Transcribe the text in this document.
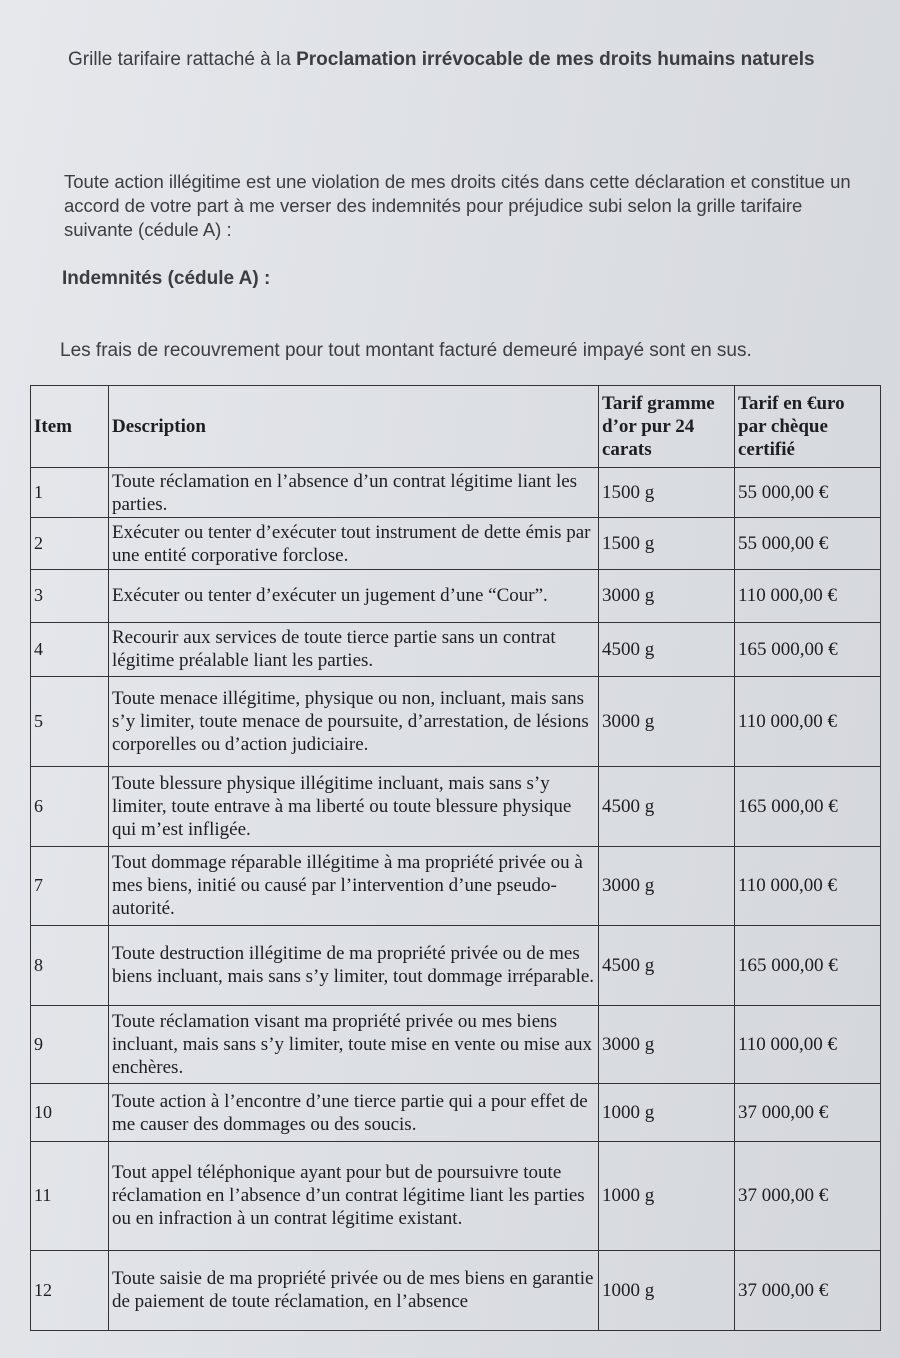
Grille tarifaire rattaché à la Proclamation irrévocable de mes droits humains naturels
Toute action illégitime est une violation de mes droits cités dans cette déclaration et constitue un accord de votre part à me verser des indemnités pour préjudice subi selon la grille tarifaire suivante (cédule A) :
Indemnités (cédule A) :
Les frais de recouvrement pour tout montant facturé demeuré impayé sont en sus.
Item	Description	Tarif gramme d’or pur 24 carats	Tarif en €uro par chèque certifié
1	Toute réclamation en l’absence d’un contrat légitime liant les parties.	1500 g	55 000,00 €
2	Exécuter ou tenter d’exécuter tout instrument de dette émis par une entité corporative forclose.	1500 g	55 000,00 €
3	Exécuter ou tenter d’exécuter un jugement d’une “Cour”.	3000 g	110 000,00 €
4	Recourir aux services de toute tierce partie sans un contrat légitime préalable liant les parties.	4500 g	165 000,00 €
5	Toute menace illégitime, physique ou non, incluant, mais sans s’y limiter, toute menace de poursuite, d’arrestation, de lésions corporelles ou d’action judiciaire.	3000 g	110 000,00 €
6	Toute blessure physique illégitime incluant, mais sans s’y limiter, toute entrave à ma liberté ou toute blessure physique qui m’est infligée.	4500 g	165 000,00 €
7	Tout dommage réparable illégitime à ma propriété privée ou à mes biens, initié ou causé par l’intervention d’une pseudo-autorité.	3000 g	110 000,00 €
8	Toute destruction illégitime de ma propriété privée ou de mes biens incluant, mais sans s’y limiter, tout dommage irréparable.	4500 g	165 000,00 €
9	Toute réclamation visant ma propriété privée ou mes biens incluant, mais sans s’y limiter, toute mise en vente ou mise aux enchères.	3000 g	110 000,00 €
10	Toute action à l’encontre d’une tierce partie qui a pour effet de me causer des dommages ou des soucis.	1000 g	37 000,00 €
11	Tout appel téléphonique ayant pour but de poursuivre toute réclamation en l’absence d’un contrat légitime liant les parties ou en infraction à un contrat légitime existant.	1000 g	37 000,00 €
12	Toute saisie de ma propriété privée ou de mes biens en garantie de paiement de toute réclamation, en l’absence	1000 g	37 000,00 €
